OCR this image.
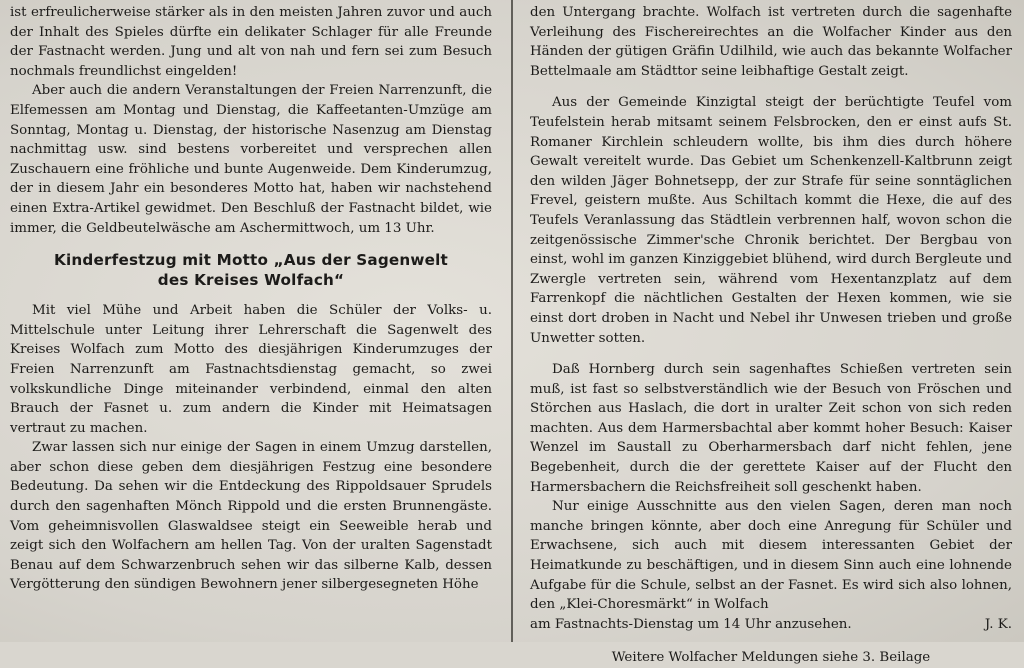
ist erfreulicherweise stärker als in den meisten Jahren zuvor und auch der Inhalt des Spieles dürfte ein delikater Schlager für alle Freunde der Fastnacht werden. Jung und alt von nah und fern sei zum Besuch nochmals freundlichst eingelden!

Aber auch die andern Veranstaltungen der Freien Narrenzunft, die Elfemessen am Montag und Dienstag, die Kaffeetanten-Umzüge am Sonntag, Montag u. Dienstag, der historische Nasenzug am Dienstag nachmittag usw. sind bestens vorbereitet und versprechen allen Zuschauern eine fröhliche und bunte Augenweide. Dem Kinderumzug, der in diesem Jahr ein besonderes Motto hat, haben wir nachstehend einen Extra-Artikel gewidmet. Den Beschluß der Fastnacht bildet, wie immer, die Geldbeutelwäsche am Aschermittwoch, um 13 Uhr.

Kinderfestzug mit Motto „Aus der Sagenwelt
des Kreises Wolfach“

Mit viel Mühe und Arbeit haben die Schüler der Volks- u. Mittelschule unter Leitung ihrer Lehrerschaft die Sagenwelt des Kreises Wolfach zum Motto des diesjährigen Kinderumzuges der Freien Narrenzunft am Fastnachtsdienstag gemacht, so zwei volkskundliche Dinge miteinander verbindend, einmal den alten Brauch der Fasnet u. zum andern die Kinder mit Heimatsagen vertraut zu machen.

Zwar lassen sich nur einige der Sagen in einem Umzug darstellen, aber schon diese geben dem diesjährigen Festzug eine besondere Bedeutung. Da sehen wir die Entdeckung des Rippoldsauer Sprudels durch den sagenhaften Mönch Rippold und die ersten Brunnengäste. Vom geheimnisvollen Glaswaldsee steigt ein Seeweible herab und zeigt sich den Wolfachern am hellen Tag. Von der uralten Sagenstadt Benau auf dem Schwarzenbruch sehen wir das silberne Kalb, dessen Vergötterung den sündigen Bewohnern jener silbergesegneten Höhe

den Untergang brachte. Wolfach ist vertreten durch die sagenhafte Verleihung des Fischereirechtes an die Wolfacher Kinder aus den Händen der gütigen Gräfin Udilhild, wie auch das bekannte Wolfacher Bettelmaale am Städttor seine leibhaftige Gestalt zeigt.

Aus der Gemeinde Kinzigtal steigt der berüchtigte Teufel vom Teufelstein herab mitsamt seinem Felsbrocken, den er einst aufs St. Romaner Kirchlein schleudern wollte, bis ihm dies durch höhere Gewalt vereitelt wurde. Das Gebiet um Schenkenzell-Kaltbrunn zeigt den wilden Jäger Bohnetsepp, der zur Strafe für seine sonntäglichen Frevel, geistern mußte. Aus Schiltach kommt die Hexe, die auf des Teufels Veranlassung das Städtlein verbrennen half, wovon schon die zeitgenössische Zimmer'sche Chronik berichtet. Der Bergbau von einst, wohl im ganzen Kinziggebiet blühend, wird durch Bergleute und Zwergle vertreten sein, während vom Hexentanzplatz auf dem Farrenkopf die nächtlichen Gestalten der Hexen kommen, wie sie einst dort droben in Nacht und Nebel ihr Unwesen trieben und große Unwetter sotten.

Daß Hornberg durch sein sagenhaftes Schießen vertreten sein muß, ist fast so selbstverständlich wie der Besuch von Fröschen und Störchen aus Haslach, die dort in uralter Zeit schon von sich reden machten. Aus dem Harmersbachtal aber kommt hoher Besuch: Kaiser Wenzel im Saustall zu Oberharmersbach darf nicht fehlen, jene Begebenheit, durch die der gerettete Kaiser auf der Flucht den Harmersbachern die Reichsfreiheit soll geschenkt haben.

Nur einige Ausschnitte aus den vielen Sagen, deren man noch manche bringen könnte, aber doch eine Anregung für Schüler und Erwachsene, sich auch mit diesem interessanten Gebiet der Heimatkunde zu beschäftigen, und in diesem Sinn auch eine lohnende Aufgabe für die Schule, selbst an der Fasnet. Es wird sich also lohnen, den „Klei-Choresmärkt“ in Wolfach

am Fastnachts-Dienstag um 14 Uhr anzusehen.	J. K.
Weitere Wolfacher Meldungen siehe 3. Beilage
